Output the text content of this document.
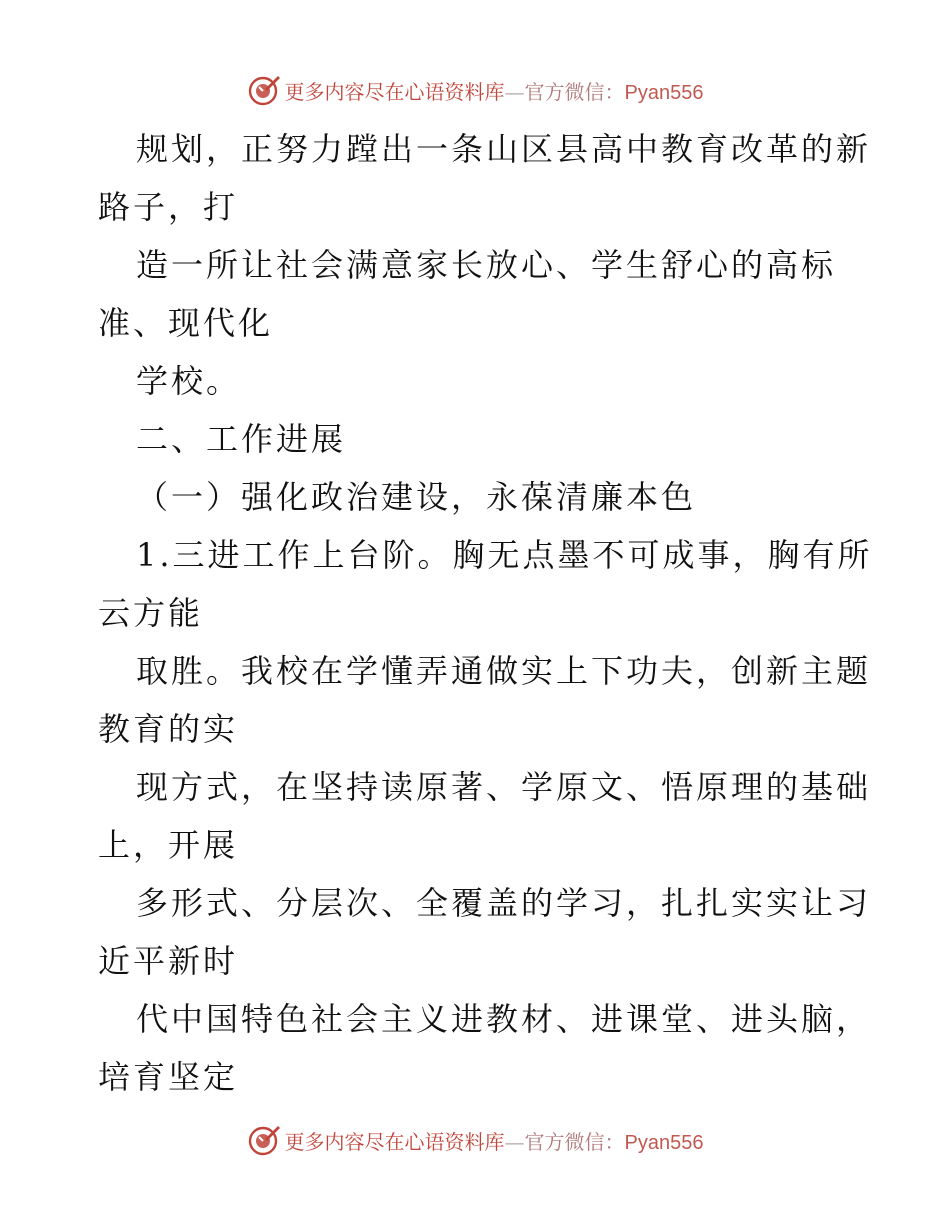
更多内容尽在心语资料库—官方微信：Pyan556
规划，正努力蹚出一条山区县高中教育改革的新
路子，打
造一所让社会满意家长放心、学生舒心的高标
准、现代化
学校。
二、工作进展
（一）强化政治建设，永葆清廉本色
1.三进工作上台阶。胸无点墨不可成事，胸有所
云方能
取胜。我校在学懂弄通做实上下功夫，创新主题
教育的实
现方式，在坚持读原著、学原文、悟原理的基础
上，开展
多形式、分层次、全覆盖的学习，扎扎实实让习
近平新时
代中国特色社会主义进教材、进课堂、进头脑，
培育坚定
更多内容尽在心语资料库—官方微信：Pyan556
